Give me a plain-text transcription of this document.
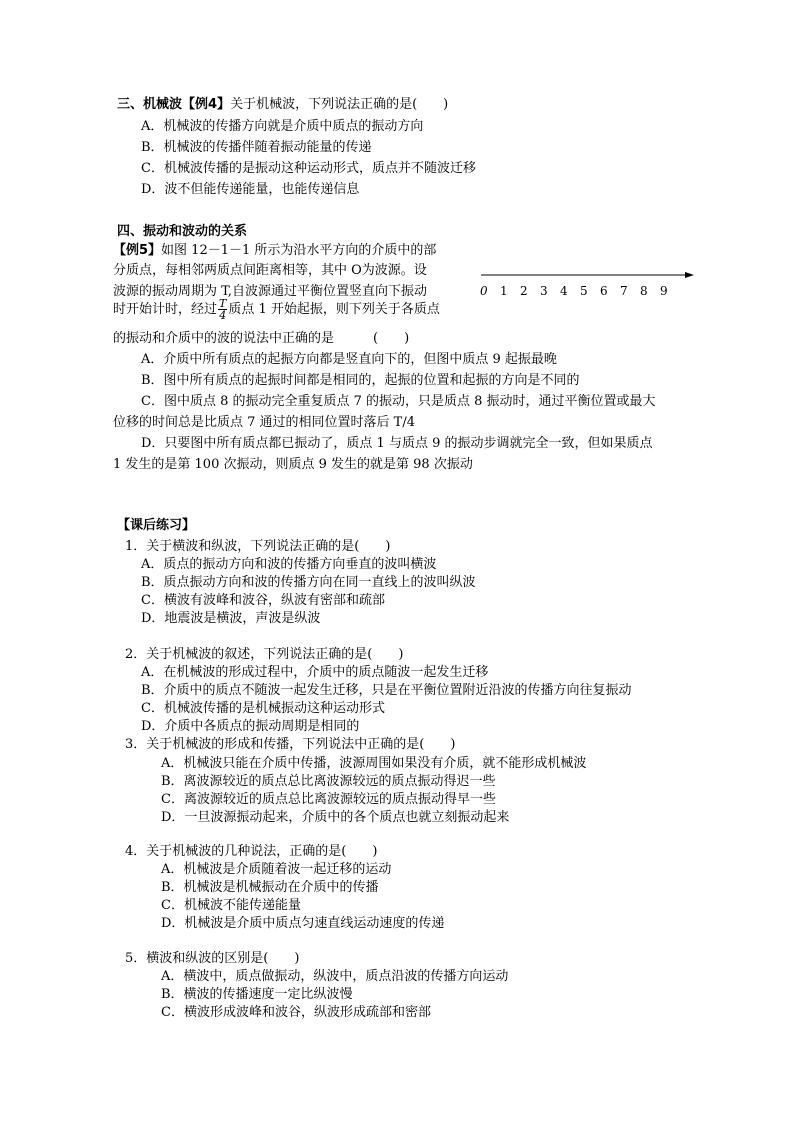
三、机械波【例4】关于机械波，下列说法正确的是(　　)
A．机械波的传播方向就是介质中质点的振动方向
B．机械波的传播伴随着振动能量的传递
C．机械波传播的是振动这种运动形式，质点并不随波迁移
D．波不但能传递能量，也能传递信息
四、振动和波动的关系
【例5】如图 12－1－1 所示为沿水平方向的介质中的部
分质点，每相邻两质点间距离相等，其中 O为波源。设
波源的振动周期为 T,自波源通过平衡位置竖直向下振动
时开始计时，经过 $\frac{T}{4}$ 质点 1 开始起振，则下列关于各质点
的振动和介质中的波的说法中正确的是　　　(　　)
0 1 2 3 4 5 6 7 8 9
A．介质中所有质点的起振方向都是竖直向下的，但图中质点 9 起振最晚
B．图中所有质点的起振时间都是相同的，起振的位置和起振的方向是不同的
C．图中质点 8 的振动完全重复质点 7 的振动，只是质点 8 振动时，通过平衡位置或最大
位移的时间总是比质点 7 通过的相同位置时落后 T/4
D．只要图中所有质点都已振动了，质点 1 与质点 9 的振动步调就完全一致，但如果质点
1 发生的是第 100 次振动，则质点 9 发生的就是第 98 次振动
【课后练习】
1．关于横波和纵波，下列说法正确的是(　　)
A．质点的振动方向和波的传播方向垂直的波叫横波
B．质点振动方向和波的传播方向在同一直线上的波叫纵波
C．横波有波峰和波谷，纵波有密部和疏部
D．地震波是横波，声波是纵波
2．关于机械波的叙述，下列说法正确的是(　　)
A．在机械波的形成过程中，介质中的质点随波一起发生迁移
B．介质中的质点不随波一起发生迁移，只是在平衡位置附近沿波的传播方向往复振动
C．机械波传播的是机械振动这种运动形式
D．介质中各质点的振动周期是相同的
3．关于机械波的形成和传播，下列说法中正确的是(　　)
A．机械波只能在介质中传播，波源周围如果没有介质，就不能形成机械波
B．离波源较近的质点总比离波源较远的质点振动得迟一些
C．离波源较近的质点总比离波源较远的质点振动得早一些
D．一旦波源振动起来，介质中的各个质点也就立刻振动起来
4．关于机械波的几种说法，正确的是(　　)
A．机械波是介质随着波一起迁移的运动
B．机械波是机械振动在介质中的传播
C．机械波不能传递能量
D．机械波是介质中质点匀速直线运动速度的传递
5．横波和纵波的区别是(　　)
A．横波中，质点做振动，纵波中，质点沿波的传播方向运动
B．横波的传播速度一定比纵波慢
C．横波形成波峰和波谷，纵波形成疏部和密部
